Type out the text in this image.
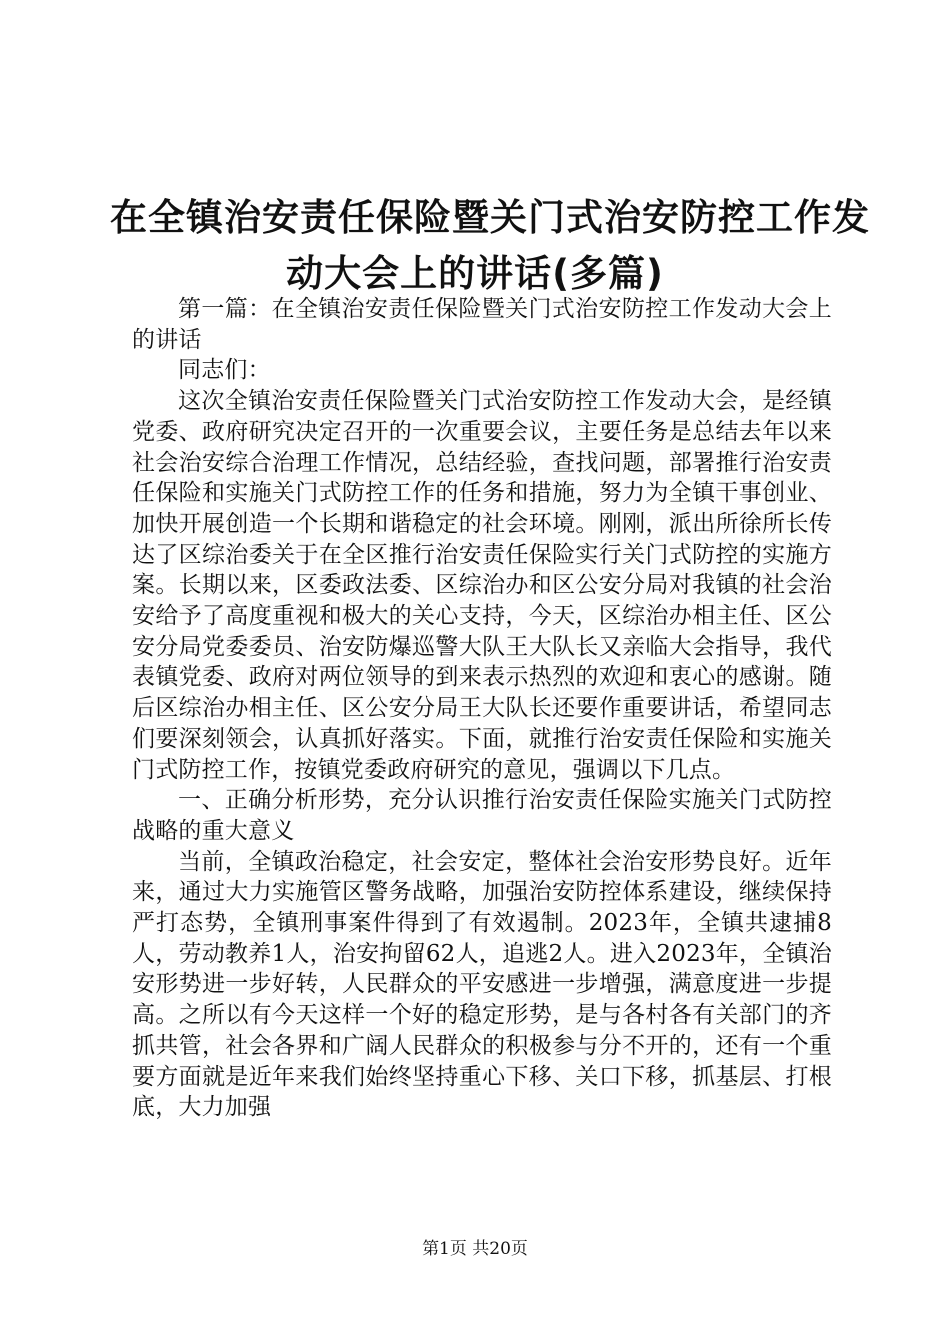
在全镇治安责任保险暨关门式治安防控工作发
动大会上的讲话(多篇)

第一篇：在全镇治安责任保险暨关门式治安防控工作发动大会上的讲话

同志们：

这次全镇治安责任保险暨关门式治安防控工作发动大会，是经镇党委、政府研究决定召开的一次重要会议，主要任务是总结去年以来社会治安综合治理工作情况，总结经验，查找问题，部署推行治安责任保险和实施关门式防控工作的任务和措施，努力为全镇干事创业、加快开展创造一个长期和谐稳定的社会环境。刚刚，派出所徐所长传达了区综治委关于在全区推行治安责任保险实行关门式防控的实施方案。长期以来，区委政法委、区综治办和区公安分局对我镇的社会治安给予了高度重视和极大的关心支持，今天，区综治办相主任、区公安分局党委委员、治安防爆巡警大队王大队长又亲临大会指导，我代表镇党委、政府对两位领导的到来表示热烈的欢迎和衷心的感谢。随后区综治办相主任、区公安分局王大队长还要作重要讲话，希望同志们要深刻领会，认真抓好落实。下面，就推行治安责任保险和实施关门式防控工作，按镇党委政府研究的意见，强调以下几点。

一、正确分析形势，充分认识推行治安责任保险实施关门式防控战略的重大意义

当前，全镇政治稳定，社会安定，整体社会治安形势良好。近年来，通过大力实施管区警务战略，加强治安防控体系建设，继续保持严打态势，全镇刑事案件得到了有效遏制。2023年，全镇共逮捕8人，劳动教养1人，治安拘留62人，追逃2人。进入2023年，全镇治安形势进一步好转，人民群众的平安感进一步增强，满意度进一步提高。之所以有今天这样一个好的稳定形势，是与各村各有关部门的齐抓共管，社会各界和广阔人民群众的积极参与分不开的，还有一个重要方面就是近年来我们始终坚持重心下移、关口下移，抓基层、打根底，大力加强

第1页 共20页
